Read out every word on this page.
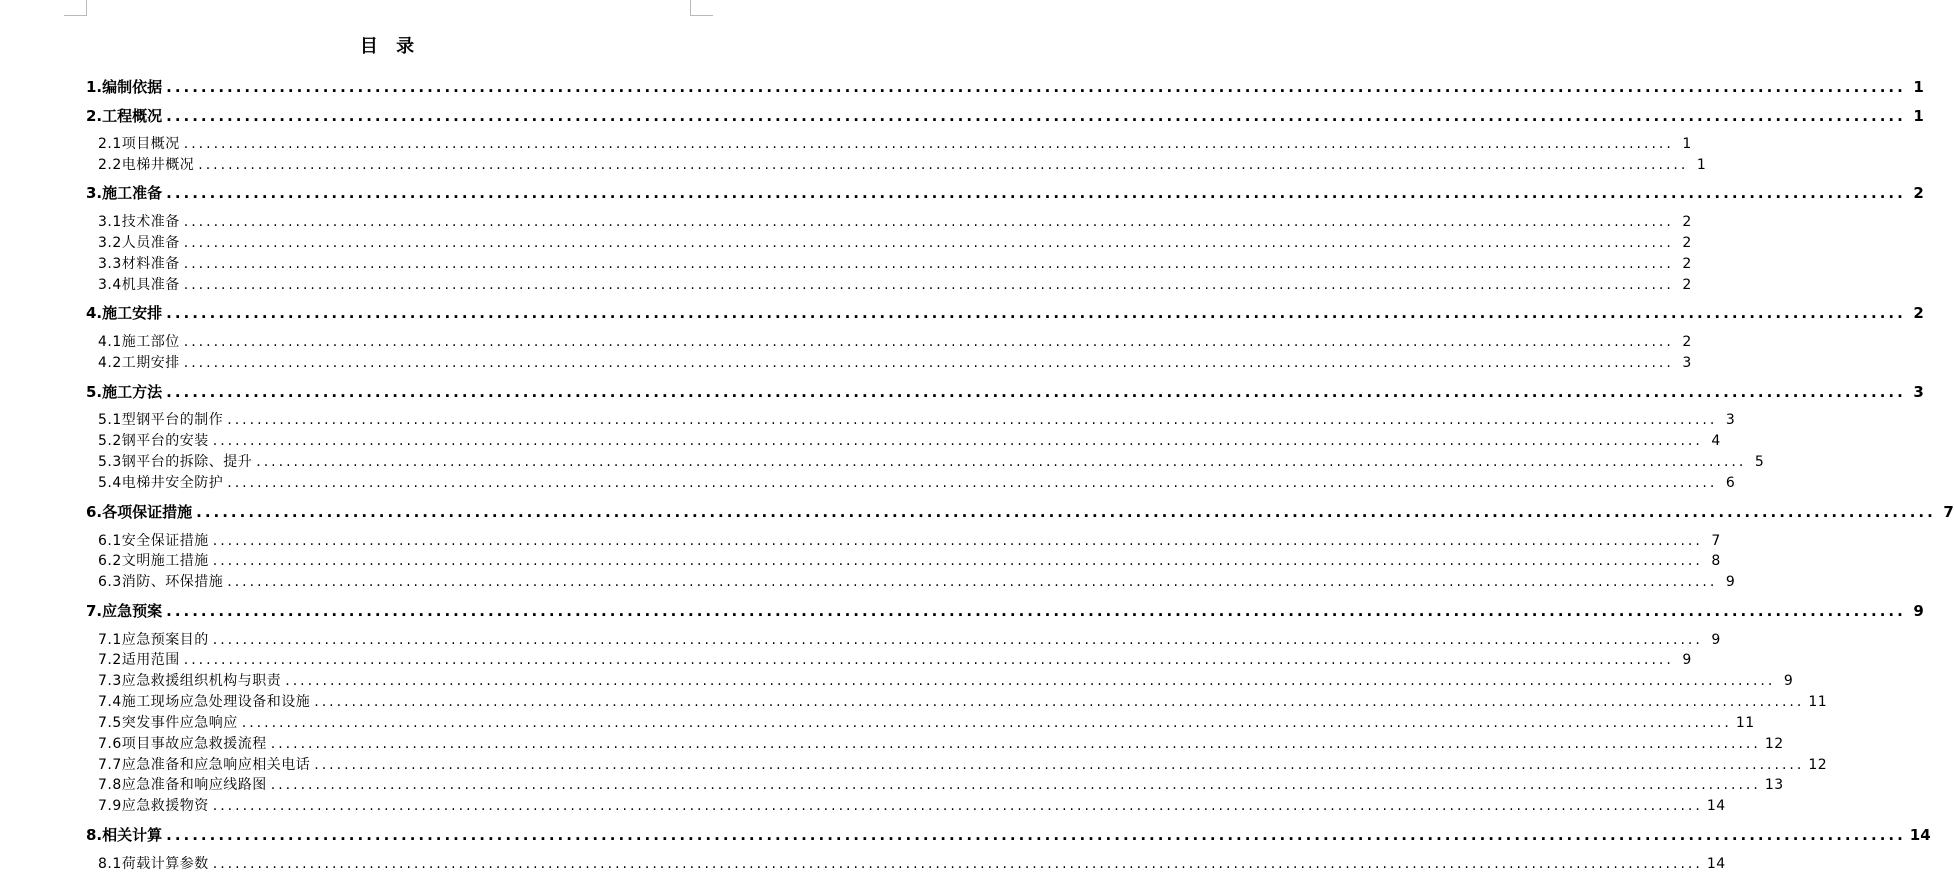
目 录
1.编制依据 ........................................................................................................................................................................................................ 1
2.工程概况 ........................................................................................................................................................................................................ 1
2.1项目概况 ........................................................................................................................................................................................................ 1
2.2电梯井概况 ........................................................................................................................................................................................................ 1
3.施工准备 ........................................................................................................................................................................................................ 2
3.1技术准备 ........................................................................................................................................................................................................ 2
3.2人员准备 ........................................................................................................................................................................................................ 2
3.3材料准备 ........................................................................................................................................................................................................ 2
3.4机具准备 ........................................................................................................................................................................................................ 2
4.施工安排 ........................................................................................................................................................................................................ 2
4.1施工部位 ........................................................................................................................................................................................................ 2
4.2工期安排 ........................................................................................................................................................................................................ 3
5.施工方法 ........................................................................................................................................................................................................ 3
5.1型钢平台的制作 ........................................................................................................................................................................................................ 3
5.2钢平台的安装 ........................................................................................................................................................................................................ 4
5.3钢平台的拆除、提升 ........................................................................................................................................................................................................ 5
5.4电梯井安全防护 ........................................................................................................................................................................................................ 6
6.各项保证措施 ........................................................................................................................................................................................................ 7
6.1安全保证措施 ........................................................................................................................................................................................................ 7
6.2文明施工措施 ........................................................................................................................................................................................................ 8
6.3消防、环保措施 ........................................................................................................................................................................................................ 9
7.应急预案 ........................................................................................................................................................................................................ 9
7.1应急预案目的 ........................................................................................................................................................................................................ 9
7.2适用范围 ........................................................................................................................................................................................................ 9
7.3应急救援组织机构与职责 ........................................................................................................................................................................................................ 9
7.4施工现场应急处理设备和设施 ........................................................................................................................................................................................................ 11
7.5突发事件应急响应 ........................................................................................................................................................................................................ 11
7.6项目事故应急救援流程 ........................................................................................................................................................................................................ 12
7.7应急准备和应急响应相关电话 ........................................................................................................................................................................................................ 12
7.8应急准备和响应线路图 ........................................................................................................................................................................................................ 13
7.9应急救援物资 ........................................................................................................................................................................................................ 14
8.相关计算 ........................................................................................................................................................................................................ 14
8.1荷载计算参数 ........................................................................................................................................................................................................ 14
